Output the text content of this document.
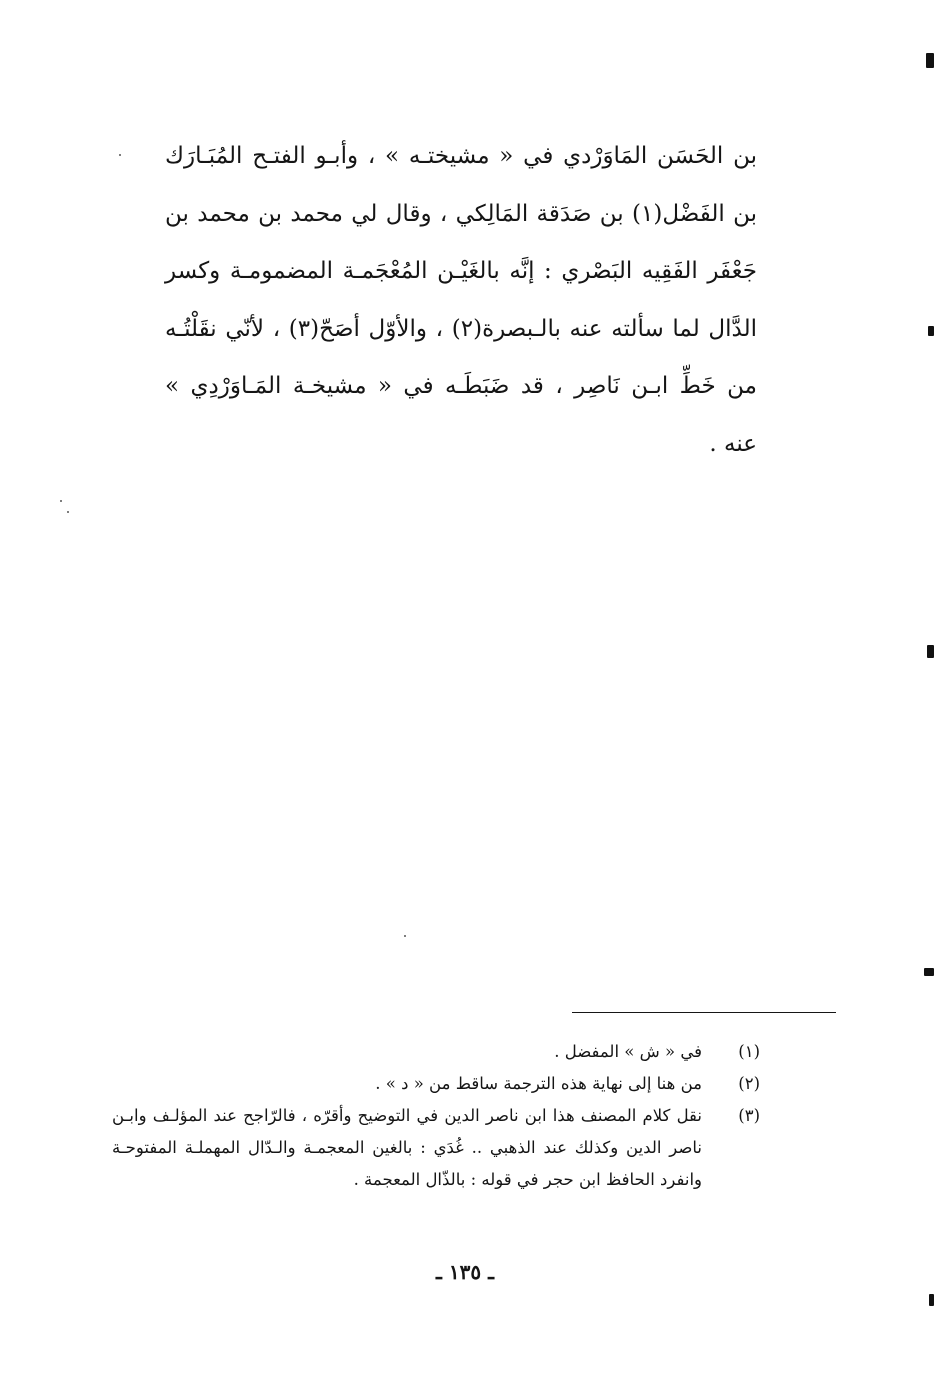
بن الحَسَن المَاوَرْدي في « مشيختـه » ، وأبـو الفتـح المُبَـارَك
بن الفَضْل(١) بن صَدَقة المَالِكي ، وقال لي محمد بن محمد بن
جَعْفَر الفَقِيه البَصْري : إنَّه بالغَيْـن المُعْجَمـة المضمومـة وكسر
الدَّال لما سألته عنه بالـبصرة(٢) ، والأوّل أصَحّ(٣) ، لأنّي نقَلْتُـه
من خَطِّ ابـن نَاصِر ، قد ضَبَطَـه في « مشيخـة المَـاوَرْدِي »
عنه .
(١)
في « ش » المفضل .
(٢)
من هنا إلى نهاية هذه الترجمة ساقط من « د » .
(٣)
نقل كلام المصنف هذا ابن ناصر الدين في التوضيح وأقرّه ، فالرّاجح عند المؤلـف وابـن
ناصر الدين وكذلك عند الذهبي .. غُدَي : بالغين المعجمـة والـدّال المهملـة المفتوحـة
وانفرد الحافظ ابن حجر في قوله : بالذّال المعجمة .
ـ ١٣٥ ـ
